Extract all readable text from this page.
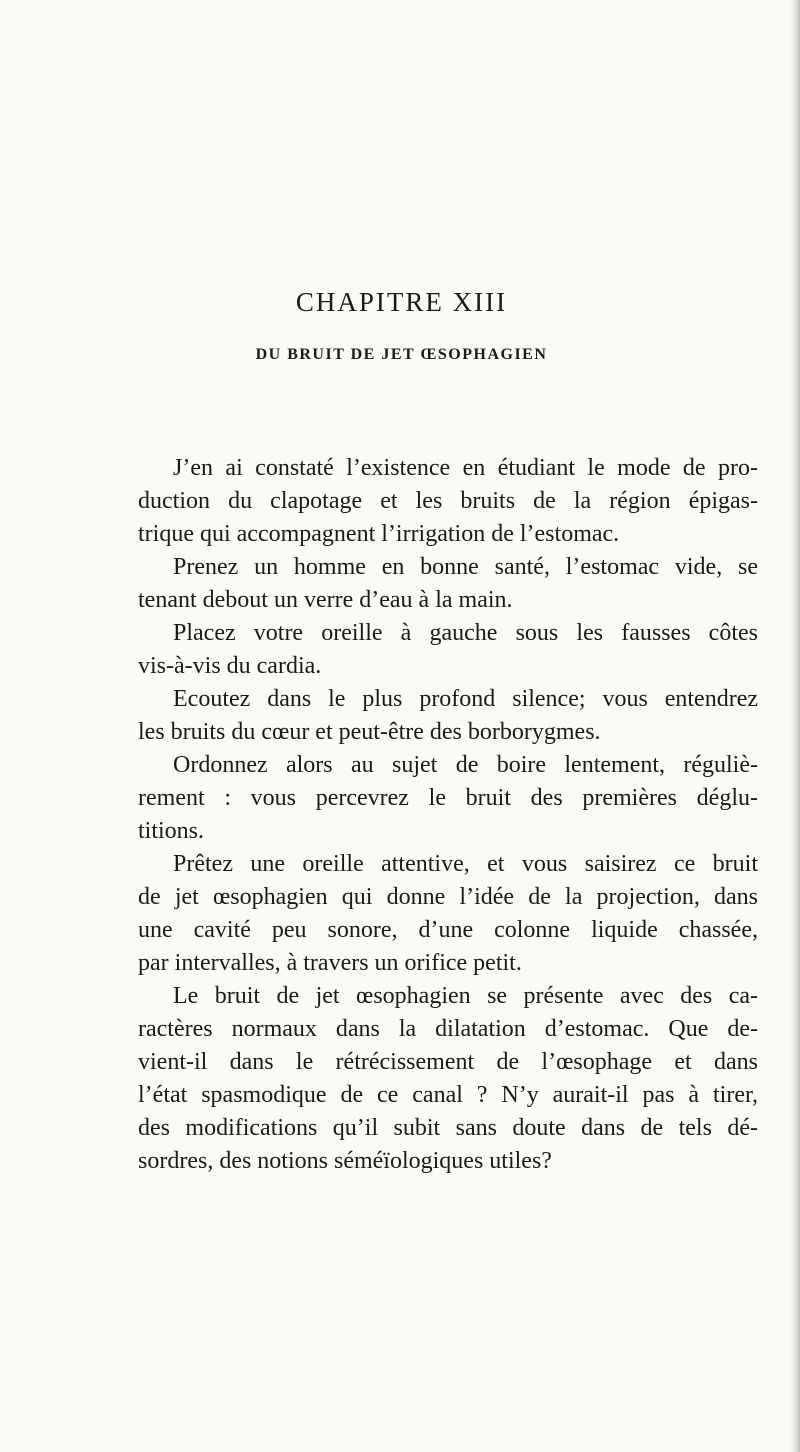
CHAPITRE XIII
DU BRUIT DE JET ŒSOPHAGIEN
J’en ai constaté l’existence en étudiant le mode de pro-
duction du clapotage et les bruits de la région épigas-
trique qui accompagnent l’irrigation de l’estomac.
Prenez un homme en bonne santé, l’estomac vide, se
tenant debout un verre d’eau à la main.
Placez votre oreille à gauche sous les fausses côtes
vis-à-vis du cardia.
Ecoutez dans le plus profond silence; vous entendrez
les bruits du cœur et peut-être des borborygmes.
Ordonnez alors au sujet de boire lentement, réguliè-
rement : vous percevrez le bruit des premières déglu-
titions.
Prêtez une oreille attentive, et vous saisirez ce bruit
de jet œsophagien qui donne l’idée de la projection, dans
une cavité peu sonore, d’une colonne liquide chassée,
par intervalles, à travers un orifice petit.
Le bruit de jet œsophagien se présente avec des ca-
ractères normaux dans la dilatation d’estomac. Que de-
vient-il dans le rétrécissement de l’œsophage et dans
l’état spasmodique de ce canal ? N’y aurait-il pas à tirer,
des modifications qu’il subit sans doute dans de tels dé-
sordres, des notions séméïologiques utiles?
